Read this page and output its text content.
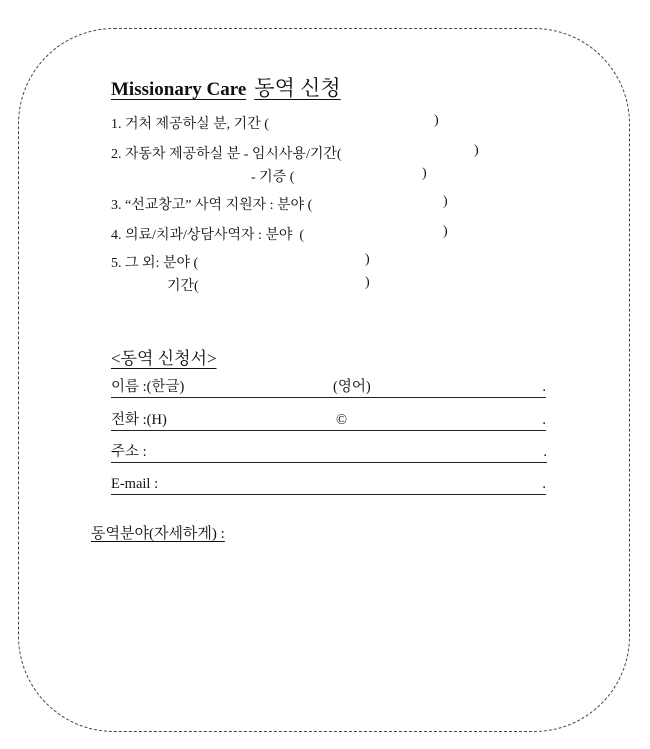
Missionary Care 동역 신청
1. 거처 제공하실 분, 기간 (	)
2. 자동차 제공하실 분 - 임시사용/기간(	)
- 기증 (	)
3. “선교창고” 사역 지원자 : 분야 (	)
4. 의료/치과/상담사역자 : 분야  (	)
5. 그 외: 분야 (	)
기간(	)
<동역 신청서>
이름 :(한글)	(영어)	.
전화 :(H)	©	.
주소 :	.
E-mail :	.
동역분야(자세하게) :
